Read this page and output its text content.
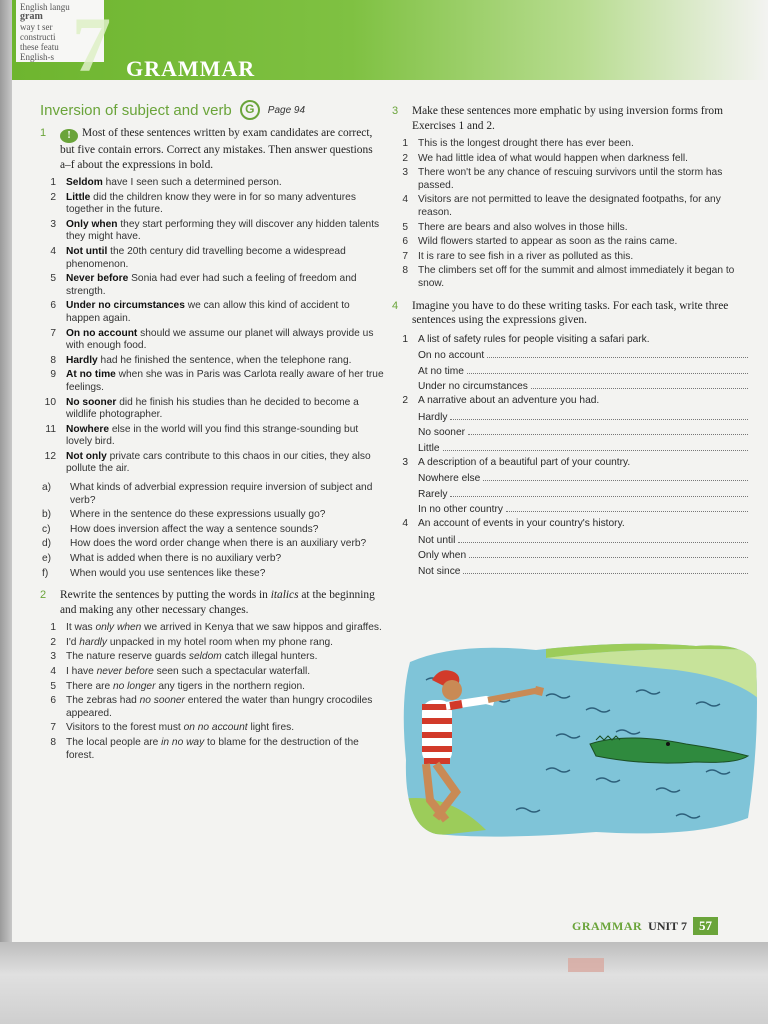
English langu
gram
way t ser
constructi
these featu
English-s 7 GRAMMAR
Inversion of subject and verb	G	Page 94
1	! Most of these sentences written by exam candidates are correct, but five contain errors. Correct any mistakes. Then answer questions a–f about the expressions in bold.
1 Seldom have I seen such a determined person.
2 Little did the children know they were in for so many adventures together in the future.
3 Only when they start performing they will discover any hidden talents they might have.
4 Not until the 20th century did travelling become a widespread phenomenon.
5 Never before Sonia had ever had such a feeling of freedom and strength.
6 Under no circumstances we can allow this kind of accident to happen again.
7 On no account should we assume our planet will always provide us with enough food.
8 Hardly had he finished the sentence, when the telephone rang.
9 At no time when she was in Paris was Carlota really aware of her true feelings.
10 No sooner did he finish his studies than he decided to become a wildlife photographer.
11 Nowhere else in the world will you find this strange-sounding but lovely bird.
12 Not only private cars contribute to this chaos in our cities, they also pollute the air.
a)	What kinds of adverbial expression require inversion of subject and verb?
b)	Where in the sentence do these expressions usually go?
c)	How does inversion affect the way a sentence sounds?
d)	How does the word order change when there is an auxiliary verb?
e)	What is added when there is no auxiliary verb?
f)	When would you use sentences like these?
2	Rewrite the sentences by putting the words in italics at the beginning and making any other necessary changes.
1 It was only when we arrived in Kenya that we saw hippos and giraffes.
2 I'd hardly unpacked in my hotel room when my phone rang.
3 The nature reserve guards seldom catch illegal hunters.
4 I have never before seen such a spectacular waterfall.
5 There are no longer any tigers in the northern region.
6 The zebras had no sooner entered the water than hungry crocodiles appeared.
7 Visitors to the forest must on no account light fires.
8 The local people are in no way to blame for the destruction of the forest.
3	Make these sentences more emphatic by using inversion forms from Exercises 1 and 2.
1 This is the longest drought there has ever been.
2 We had little idea of what would happen when darkness fell.
3 There won't be any chance of rescuing survivors until the storm has passed.
4 Visitors are not permitted to leave the designated footpaths, for any reason.
5 There are bears and also wolves in those hills.
6 Wild flowers started to appear as soon as the rains came.
7 It is rare to see fish in a river as polluted as this.
8 The climbers set off for the summit and almost immediately it began to snow.
4	Imagine you have to do these writing tasks. For each task, write three sentences using the expressions given.
1 A list of safety rules for people visiting a safari park.
On no account
At no time
Under no circumstances
2 A narrative about an adventure you had.
Hardly
No sooner
Little
3 A description of a beautiful part of your country.
Nowhere else
Rarely
In no other country
4 An account of events in your country's history.
Not until
Only when
Not since
GRAMMAR UNIT 7 57
